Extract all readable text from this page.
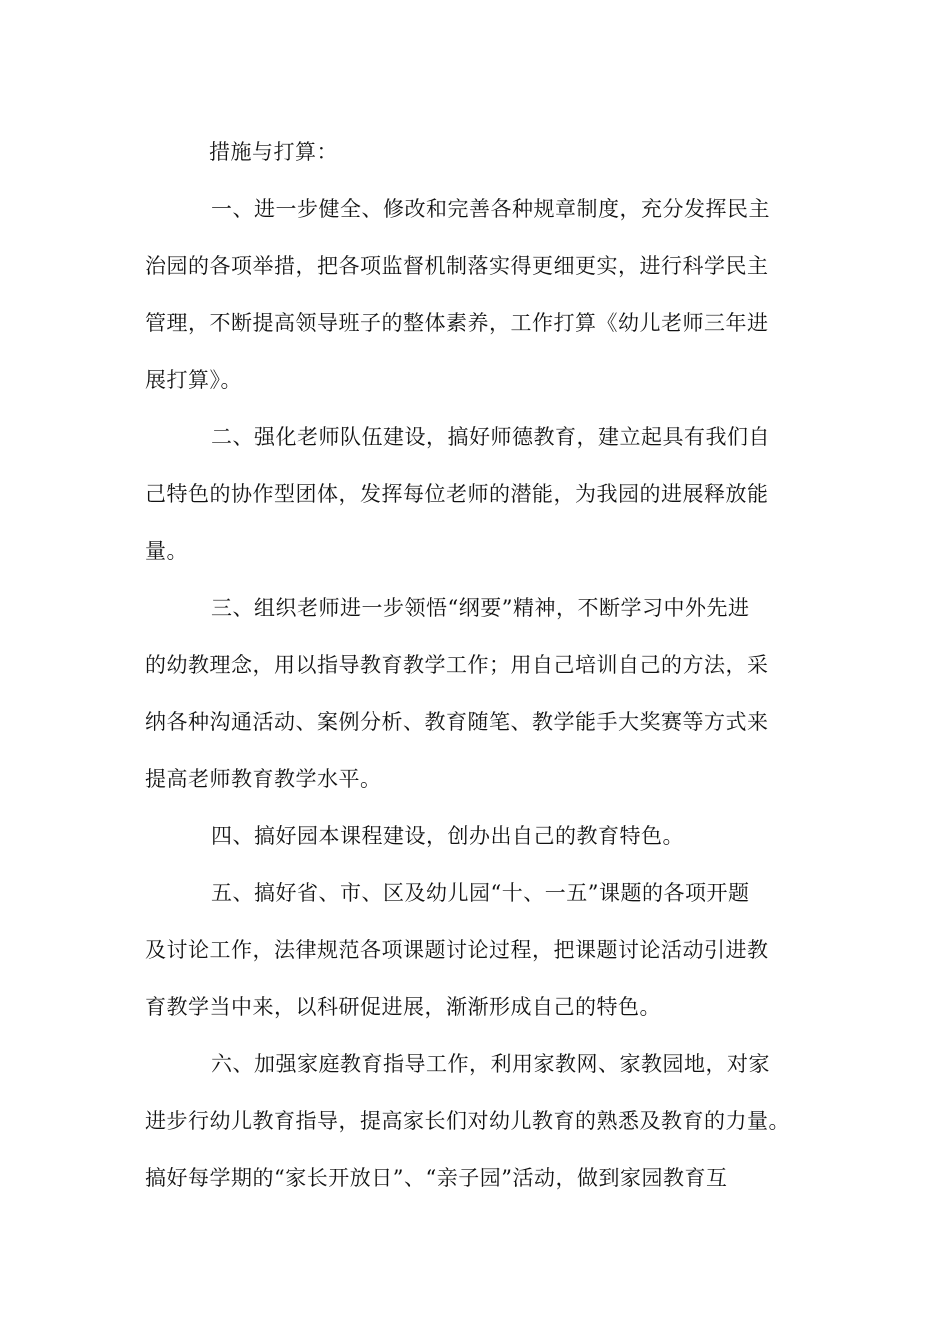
措施与打算：
一、进一步健全、修改和完善各种规章制度，充分发挥民主
治园的各项举措，把各项监督机制落实得更细更实，进行科学民主
管理，不断提高领导班子的整体素养，工作打算《幼儿老师三年进
展打算》。
二、强化老师队伍建设，搞好师德教育，建立起具有我们自
己特色的协作型团体，发挥每位老师的潜能，为我园的进展释放能
量。
三、组织老师进一步领悟“纲要”精神，不断学习中外先进
的幼教理念，用以指导教育教学工作；用自己培训自己的方法，采
纳各种沟通活动、案例分析、教育随笔、教学能手大奖赛等方式来
提高老师教育教学水平。
四、搞好园本课程建设，创办出自己的教育特色。
五、搞好省、市、区及幼儿园“十、一五”课题的各项开题
及讨论工作，法律规范各项课题讨论过程，把课题讨论活动引进教
育教学当中来，以科研促进展，渐渐形成自己的特色。
六、加强家庭教育指导工作，利用家教网、家教园地，对家
进步行幼儿教育指导，提高家长们对幼儿教育的熟悉及教育的力量。
搞好每学期的“家长开放日”、“亲子园”活动，做到家园教育互
